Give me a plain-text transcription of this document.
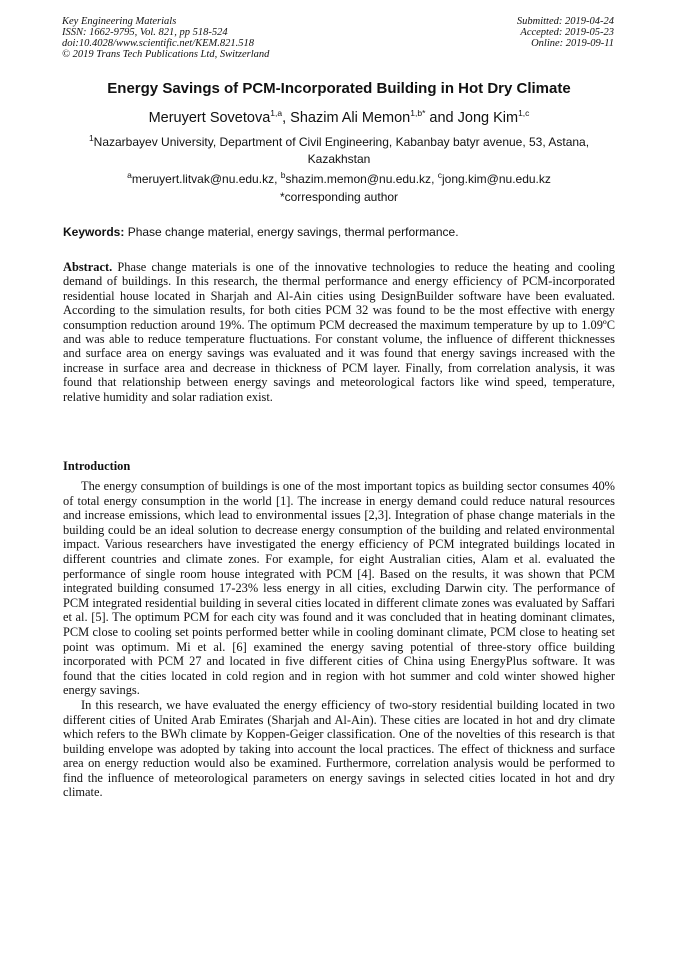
Key Engineering Materials
ISSN: 1662-9795, Vol. 821, pp 518-524
doi:10.4028/www.scientific.net/KEM.821.518
© 2019 Trans Tech Publications Ltd, Switzerland
Submitted: 2019-04-24
Accepted: 2019-05-23
Online: 2019-09-11
Energy Savings of PCM-Incorporated Building in Hot Dry Climate
Meruyert Sovetova$^{1,a}$, Shazim Ali Memon$^{1,b*}$ and Jong Kim$^{1,c}$
$^1$Nazarbayev University, Department of Civil Engineering, Kabanbay batyr avenue, 53, Astana, Kazakhstan
$^a$meruyert.litvak@nu.edu.kz, $^b$shazim.memon@nu.edu.kz, $^c$jong.kim@nu.edu.kz
*corresponding author
Keywords: Phase change material, energy savings, thermal performance.
Abstract. Phase change materials is one of the innovative technologies to reduce the heating and cooling demand of buildings. In this research, the thermal performance and energy efficiency of PCM-incorporated residential house located in Sharjah and Al-Ain cities using DesignBuilder software have been evaluated. According to the simulation results, for both cities PCM 32 was found to be the most effective with energy consumption reduction around 19%. The optimum PCM decreased the maximum temperature by up to 1.09ºC and was able to reduce temperature fluctuations. For constant volume, the influence of different thicknesses and surface area on energy savings was evaluated and it was found that energy savings increased with the increase in surface area and decrease in thickness of PCM layer. Finally, from correlation analysis, it was found that relationship between energy savings and meteorological factors like wind speed, temperature, relative humidity and solar radiation exist.
Introduction

The energy consumption of buildings is one of the most important topics as building sector consumes 40% of total energy consumption in the world [1]. The increase in energy demand could reduce natural resources and increase emissions, which lead to environmental issues [2,3]. Integration of phase change materials in the building could be an ideal solution to decrease energy consumption of the building and related environmental impact. Various researchers have investigated the energy efficiency of PCM integrated buildings located in different countries and climate zones. For example, for eight Australian cities, Alam et al. evaluated the performance of single room house integrated with PCM [4]. Based on the results, it was shown that PCM integrated building consumed 17-23% less energy in all cities, excluding Darwin city. The performance of PCM integrated residential building in several cities located in different climate zones was evaluated by Saffari et al. [5]. The optimum PCM for each city was found and it was concluded that in heating dominant climates, PCM close to cooling set points performed better while in cooling dominant climate, PCM close to heating set point was optimum. Mi et al. [6] examined the energy saving potential of three-story office building incorporated with PCM 27 and located in five different cities of China using EnergyPlus software. It was found that the cities located in cold region and in region with hot summer and cold winter showed higher energy savings.

In this research, we have evaluated the energy efficiency of two-story residential building located in two different cities of United Arab Emirates (Sharjah and Al-Ain). These cities are located in hot and dry climate which refers to the BWh climate by Koppen-Geiger classification. One of the novelties of this research is that building envelope was adopted by taking into account the local practices. The effect of thickness and surface area on energy reduction would also be examined. Furthermore, correlation analysis would be performed to find the influence of meteorological parameters on energy savings in selected cities located in hot and dry climate.
